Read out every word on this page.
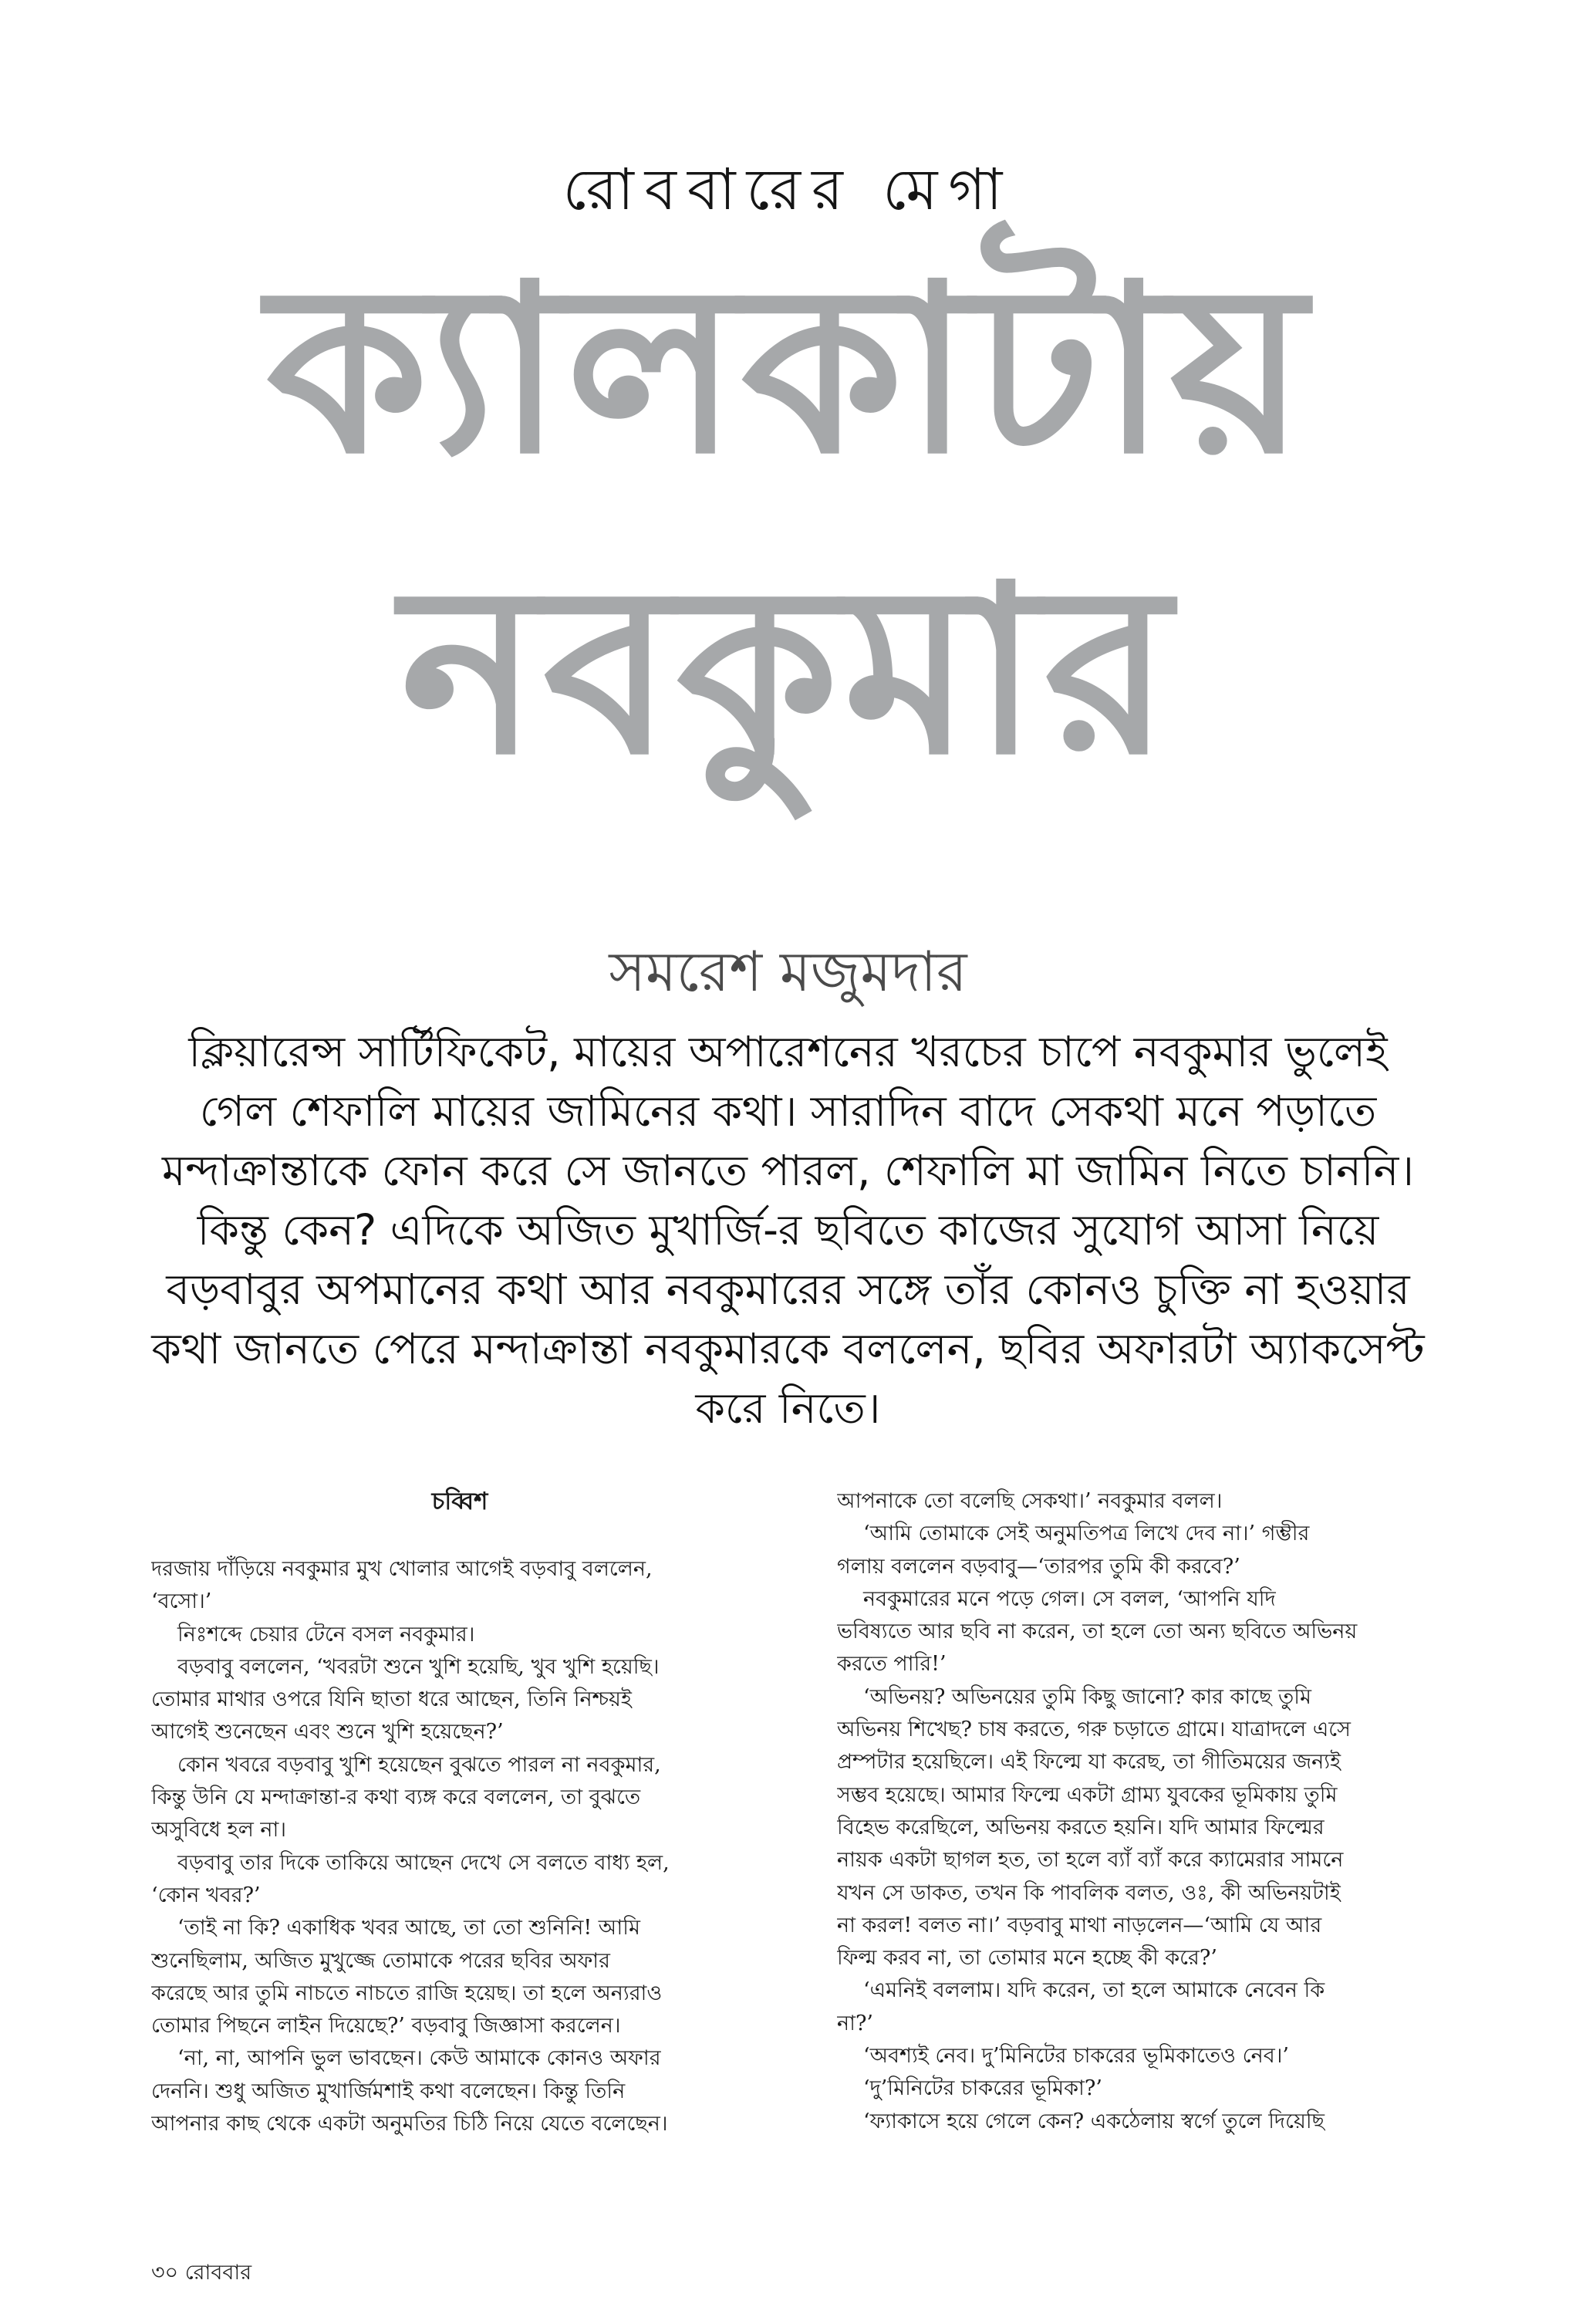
রোববারের মেগা
ক্যালকাটায়
নবকুমার
সমরেশ মজুমদার
ক্লিয়ারেন্স সার্টিফিকেট, মায়ের অপারেশনের খরচের চাপে নবকুমার ভুলেই
গেল শেফালি মায়ের জামিনের কথা। সারাদিন বাদে সেকথা মনে পড়াতে
মন্দাক্রান্তাকে ফোন করে সে জানতে পারল, শেফালি মা জামিন নিতে চাননি।
কিন্তু কেন? এদিকে অজিত মুখার্জি-র ছবিতে কাজের সুযোগ আসা নিয়ে
বড়বাবুর অপমানের কথা আর নবকুমারের সঙ্গে তাঁর কোনও চুক্তি না হওয়ার
কথা জানতে পেরে মন্দাক্রান্তা নবকুমারকে বললেন, ছবির অফারটা অ্যাকসেপ্ট
করে নিতে।
চব্বিশ

দরজায় দাঁড়িয়ে নবকুমার মুখ খোলার আগেই বড়বাবু বললেন,

‘বসো।’

নিঃশব্দে চেয়ার টেনে বসল নবকুমার।

বড়বাবু বললেন, ‘খবরটা শুনে খুশি হয়েছি, খুব খুশি হয়েছি।

তোমার মাথার ওপরে যিনি ছাতা ধরে আছেন, তিনি নিশ্চয়ই

আগেই শুনেছেন এবং শুনে খুশি হয়েছেন?’

কোন খবরে বড়বাবু খুশি হয়েছেন বুঝতে পারল না নবকুমার,

কিন্তু উনি যে মন্দাক্রান্তা-র কথা ব্যঙ্গ করে বললেন, তা বুঝতে

অসুবিধে হল না।

বড়বাবু তার দিকে তাকিয়ে আছেন দেখে সে বলতে বাধ্য হল,

‘কোন খবর?’

‘তাই না কি? একাধিক খবর আছে, তা তো শুনিনি! আমি

শুনেছিলাম, অজিত মুখুজ্জে তোমাকে পরের ছবির অফার

করেছে আর তুমি নাচতে নাচতে রাজি হয়েছ। তা হলে অন্যরাও

তোমার পিছনে লাইন দিয়েছে?’ বড়বাবু জিজ্ঞাসা করলেন।

‘না, না, আপনি ভুল ভাবছেন। কেউ আমাকে কোনও অফার

দেননি। শুধু অজিত মুখার্জিমশাই কথা বলেছেন। কিন্তু তিনি

আপনার কাছ থেকে একটা অনুমতির চিঠি নিয়ে যেতে বলেছেন।

আপনাকে তো বলেছি সেকথা।’ নবকুমার বলল।

‘আমি তোমাকে সেই অনুমতিপত্র লিখে দেব না।’ গম্ভীর

গলায় বললেন বড়বাবু—‘তারপর তুমি কী করবে?’

নবকুমারের মনে পড়ে গেল। সে বলল, ‘আপনি যদি

ভবিষ্যতে আর ছবি না করেন, তা হলে তো অন্য ছবিতে অভিনয়

করতে পারি!’

‘অভিনয়? অভিনয়ের তুমি কিছু জানো? কার কাছে তুমি

অভিনয় শিখেছ? চাষ করতে, গরু চড়াতে গ্রামে। যাত্রাদলে এসে

প্রম্পটার হয়েছিলে। এই ফিল্মে যা করেছ, তা গীতিময়ের জন্যই

সম্ভব হয়েছে। আমার ফিল্মে একটা গ্রাম্য যুবকের ভূমিকায় তুমি

বিহেভ করেছিলে, অভিনয় করতে হয়নি। যদি আমার ফিল্মের

নায়ক একটা ছাগল হত, তা হলে ব্যাঁ ব্যাঁ করে ক্যামেরার সামনে

যখন সে ডাকত, তখন কি পাবলিক বলত, ওঃ, কী অভিনয়টাই

না করল! বলত না।’ বড়বাবু মাথা নাড়লেন—‘আমি যে আর

ফিল্ম করব না, তা তোমার মনে হচ্ছে কী করে?’

‘এমনিই বললাম। যদি করেন, তা হলে আমাকে নেবেন কি

না?’

‘অবশ্যই নেব। দু’মিনিটের চাকরের ভূমিকাতেও নেব।’

‘দু’মিনিটের চাকরের ভূমিকা?’

‘ফ্যাকাসে হয়ে গেলে কেন? একঠেলায় স্বর্গে তুলে দিয়েছি

৩০ রোববার
